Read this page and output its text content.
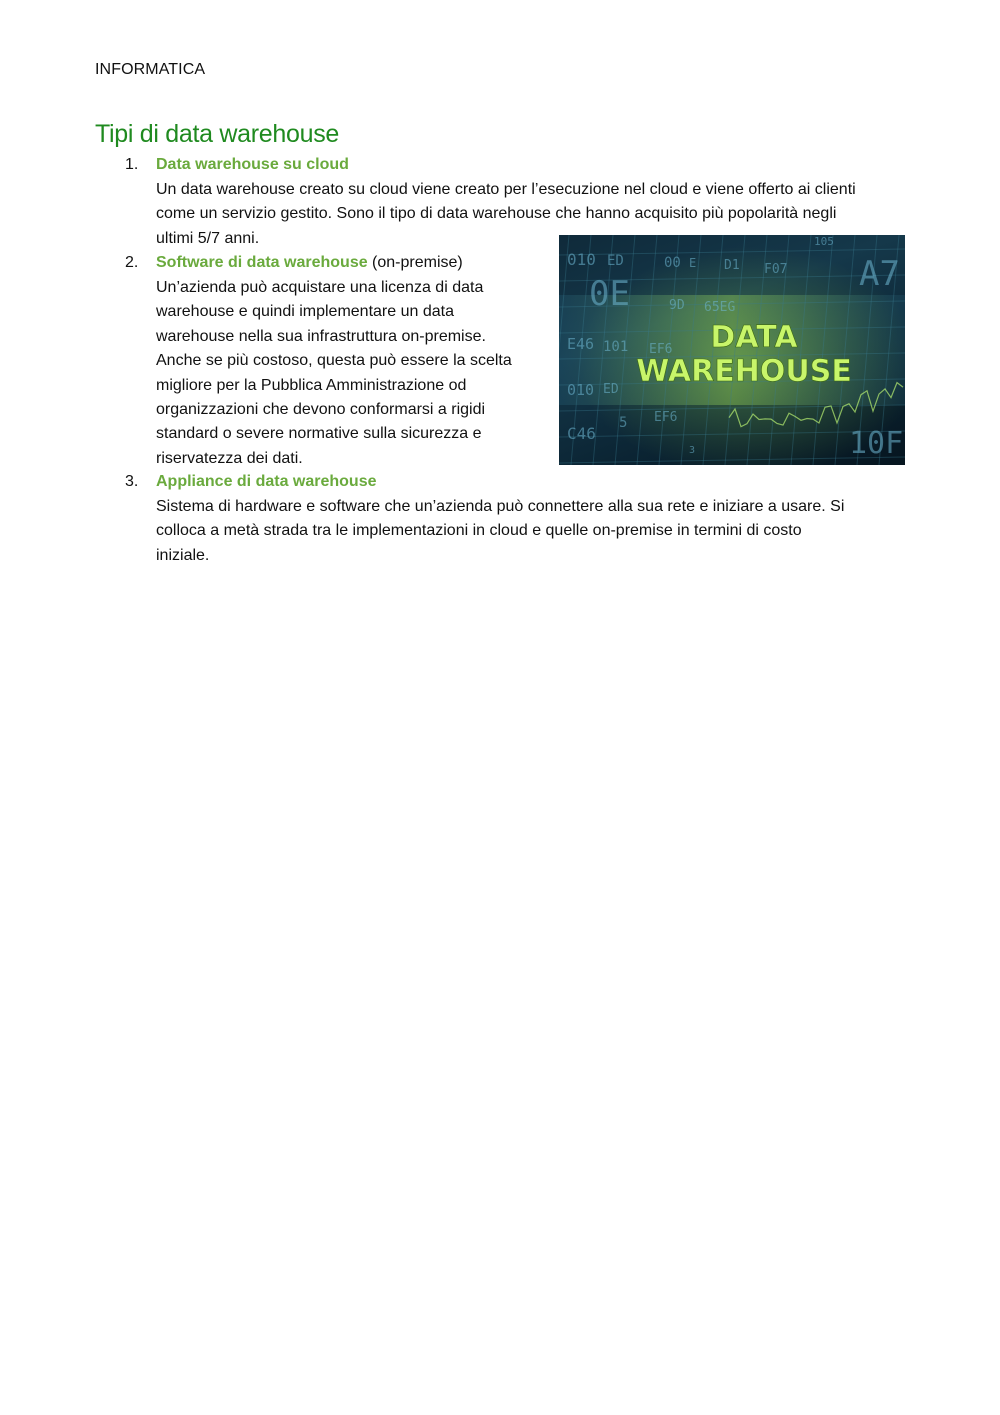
INFORMATICA
Tipi di data warehouse
1. Data warehouse su cloud
Un data warehouse creato su cloud viene creato per l’esecuzione nel cloud e viene offerto ai clienti
come un servizio gestito. Sono il tipo di data warehouse che hanno acquisito più popolarità negli
ultimi 5/7 anni.
2. Software di data warehouse (on-premise)
Un’azienda può acquistare una licenza di data
warehouse e quindi implementare un data
warehouse nella sua infrastruttura on-premise.
Anche se più costoso, questa può essere la scelta
migliore per la Pubblica Amministrazione od
organizzazioni che devono conformarsi a rigidi
standard o severe normative sulla sicurezza e
riservatezza dei dati.
3. Appliance di data warehouse
Sistema di hardware e software che un’azienda può connettere alla sua rete e iniziare a usare. Si
colloca a metà strada tra le implementazioni in cloud e quelle on-premise in termini di costo
iniziale.
010 ED	00 E D1 F07
105
0E	9D 65EG
E46 101 EF6
010 ED
C46
5 EF6
3
A7
10F
DATA
WAREHOUSE
